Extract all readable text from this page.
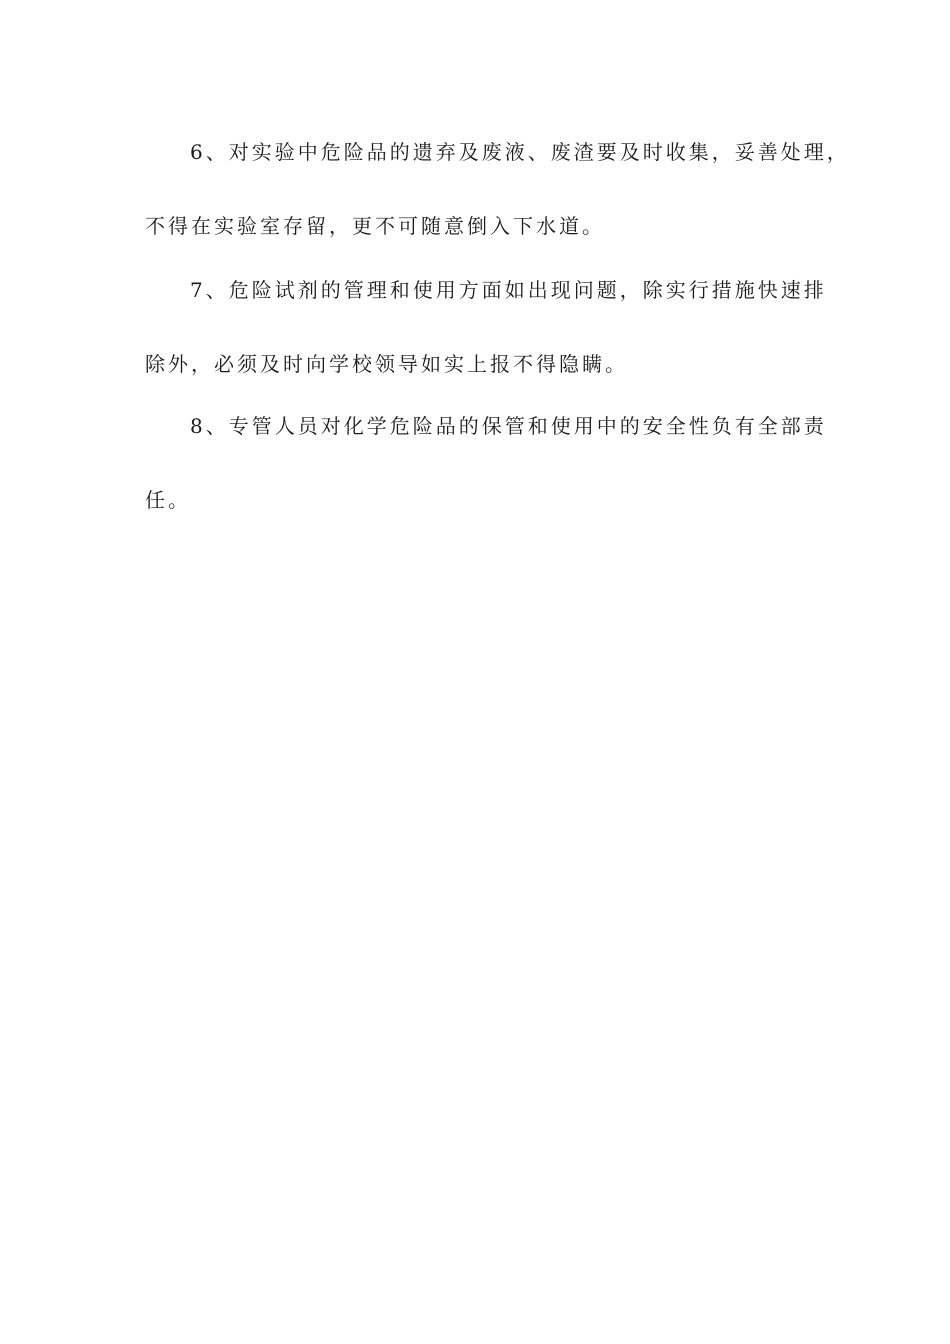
6、对实验中危险品的遗弃及废液、废渣要及时收集，妥善处理，

不得在实验室存留，更不可随意倒入下水道。

7、危险试剂的管理和使用方面如出现问题，除实行措施快速排

除外，必须及时向学校领导如实上报不得隐瞒。

8、专管人员对化学危险品的保管和使用中的安全性负有全部责

任。
